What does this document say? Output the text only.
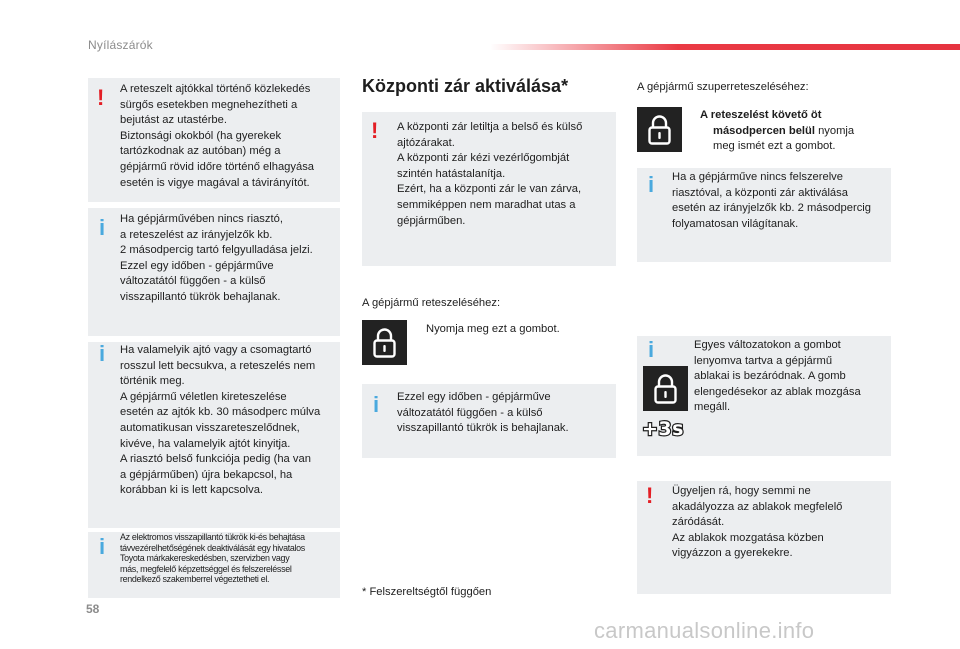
Nyílászárók
! A reteszelt ajtókkal történő közlekedés

sürgős esetekben megnehezítheti a

bejutást az utastérbe.

Biztonsági okokból (ha gyerekek

tartózkodnak az autóban) még a

gépjármű rövid időre történő elhagyása

esetén is vigye magával a távirányítót.

i Ha gépjárművében nincs riasztó,

a reteszelést az irányjelzők kb.

2 másodpercig tartó felgyulladása jelzi.

Ezzel egy időben - gépjárműve

változatától függően - a külső

visszapillantó tükrök behajlanak.

i Ha valamelyik ajtó vagy a csomagtartó

rosszul lett becsukva, a reteszelés nem

történik meg.

A gépjármű véletlen kireteszelése

esetén az ajtók kb. 30 másodperc múlva

automatikusan visszareteszelődnek,

kivéve, ha valamelyik ajtót kinyitja.

A riasztó belső funkciója pedig (ha van

a gépjárműben) újra bekapcsol, ha

korábban ki is lett kapcsolva.

i Az elektromos visszapillantó tükrök ki-és behajtása

távvezérelhetőségének deaktiválását egy hivatalos

Toyota márkakereskedésben, szervizben vagy

más, megfelelő képzettséggel és felszereléssel

rendelkező szakemberrel végeztetheti el.

Központi zár aktiválása*
! A központi zár letiltja a belső és külső

ajtózárakat.

A központi zár kézi vezérlőgombját

szintén hatástalanítja.

Ezért, ha a központi zár le van zárva,

semmiképpen nem maradhat utas a

gépjárműben.

A gépjármű reteszeléséhez:
Nyomja meg ezt a gombot.
i Ezzel egy időben - gépjárműve

változatától függően - a külső

visszapillantó tükrök is behajlanak.

* Felszereltségtől függően
A gépjármű szuperreteszeléséhez:
A reteszelést követő öt
másodpercen belül nyomja
meg ismét ezt a gombot.
i Ha a gépjárműve nincs felszerelve

riasztóval, a központi zár aktiválása

esetén az irányjelzők kb. 2 másodpercig

folyamatosan világítanak.

i
+3s

Egyes változatokon a gombot

lenyomva tartva a gépjármű

ablakai is bezáródnak. A gomb

elengedésekor az ablak mozgása

megáll.

! Ügyeljen rá, hogy semmi ne

akadályozza az ablakok megfelelő

záródását.

Az ablakok mozgatása közben

vigyázzon a gyerekekre.

58
carmanualsonline.info
